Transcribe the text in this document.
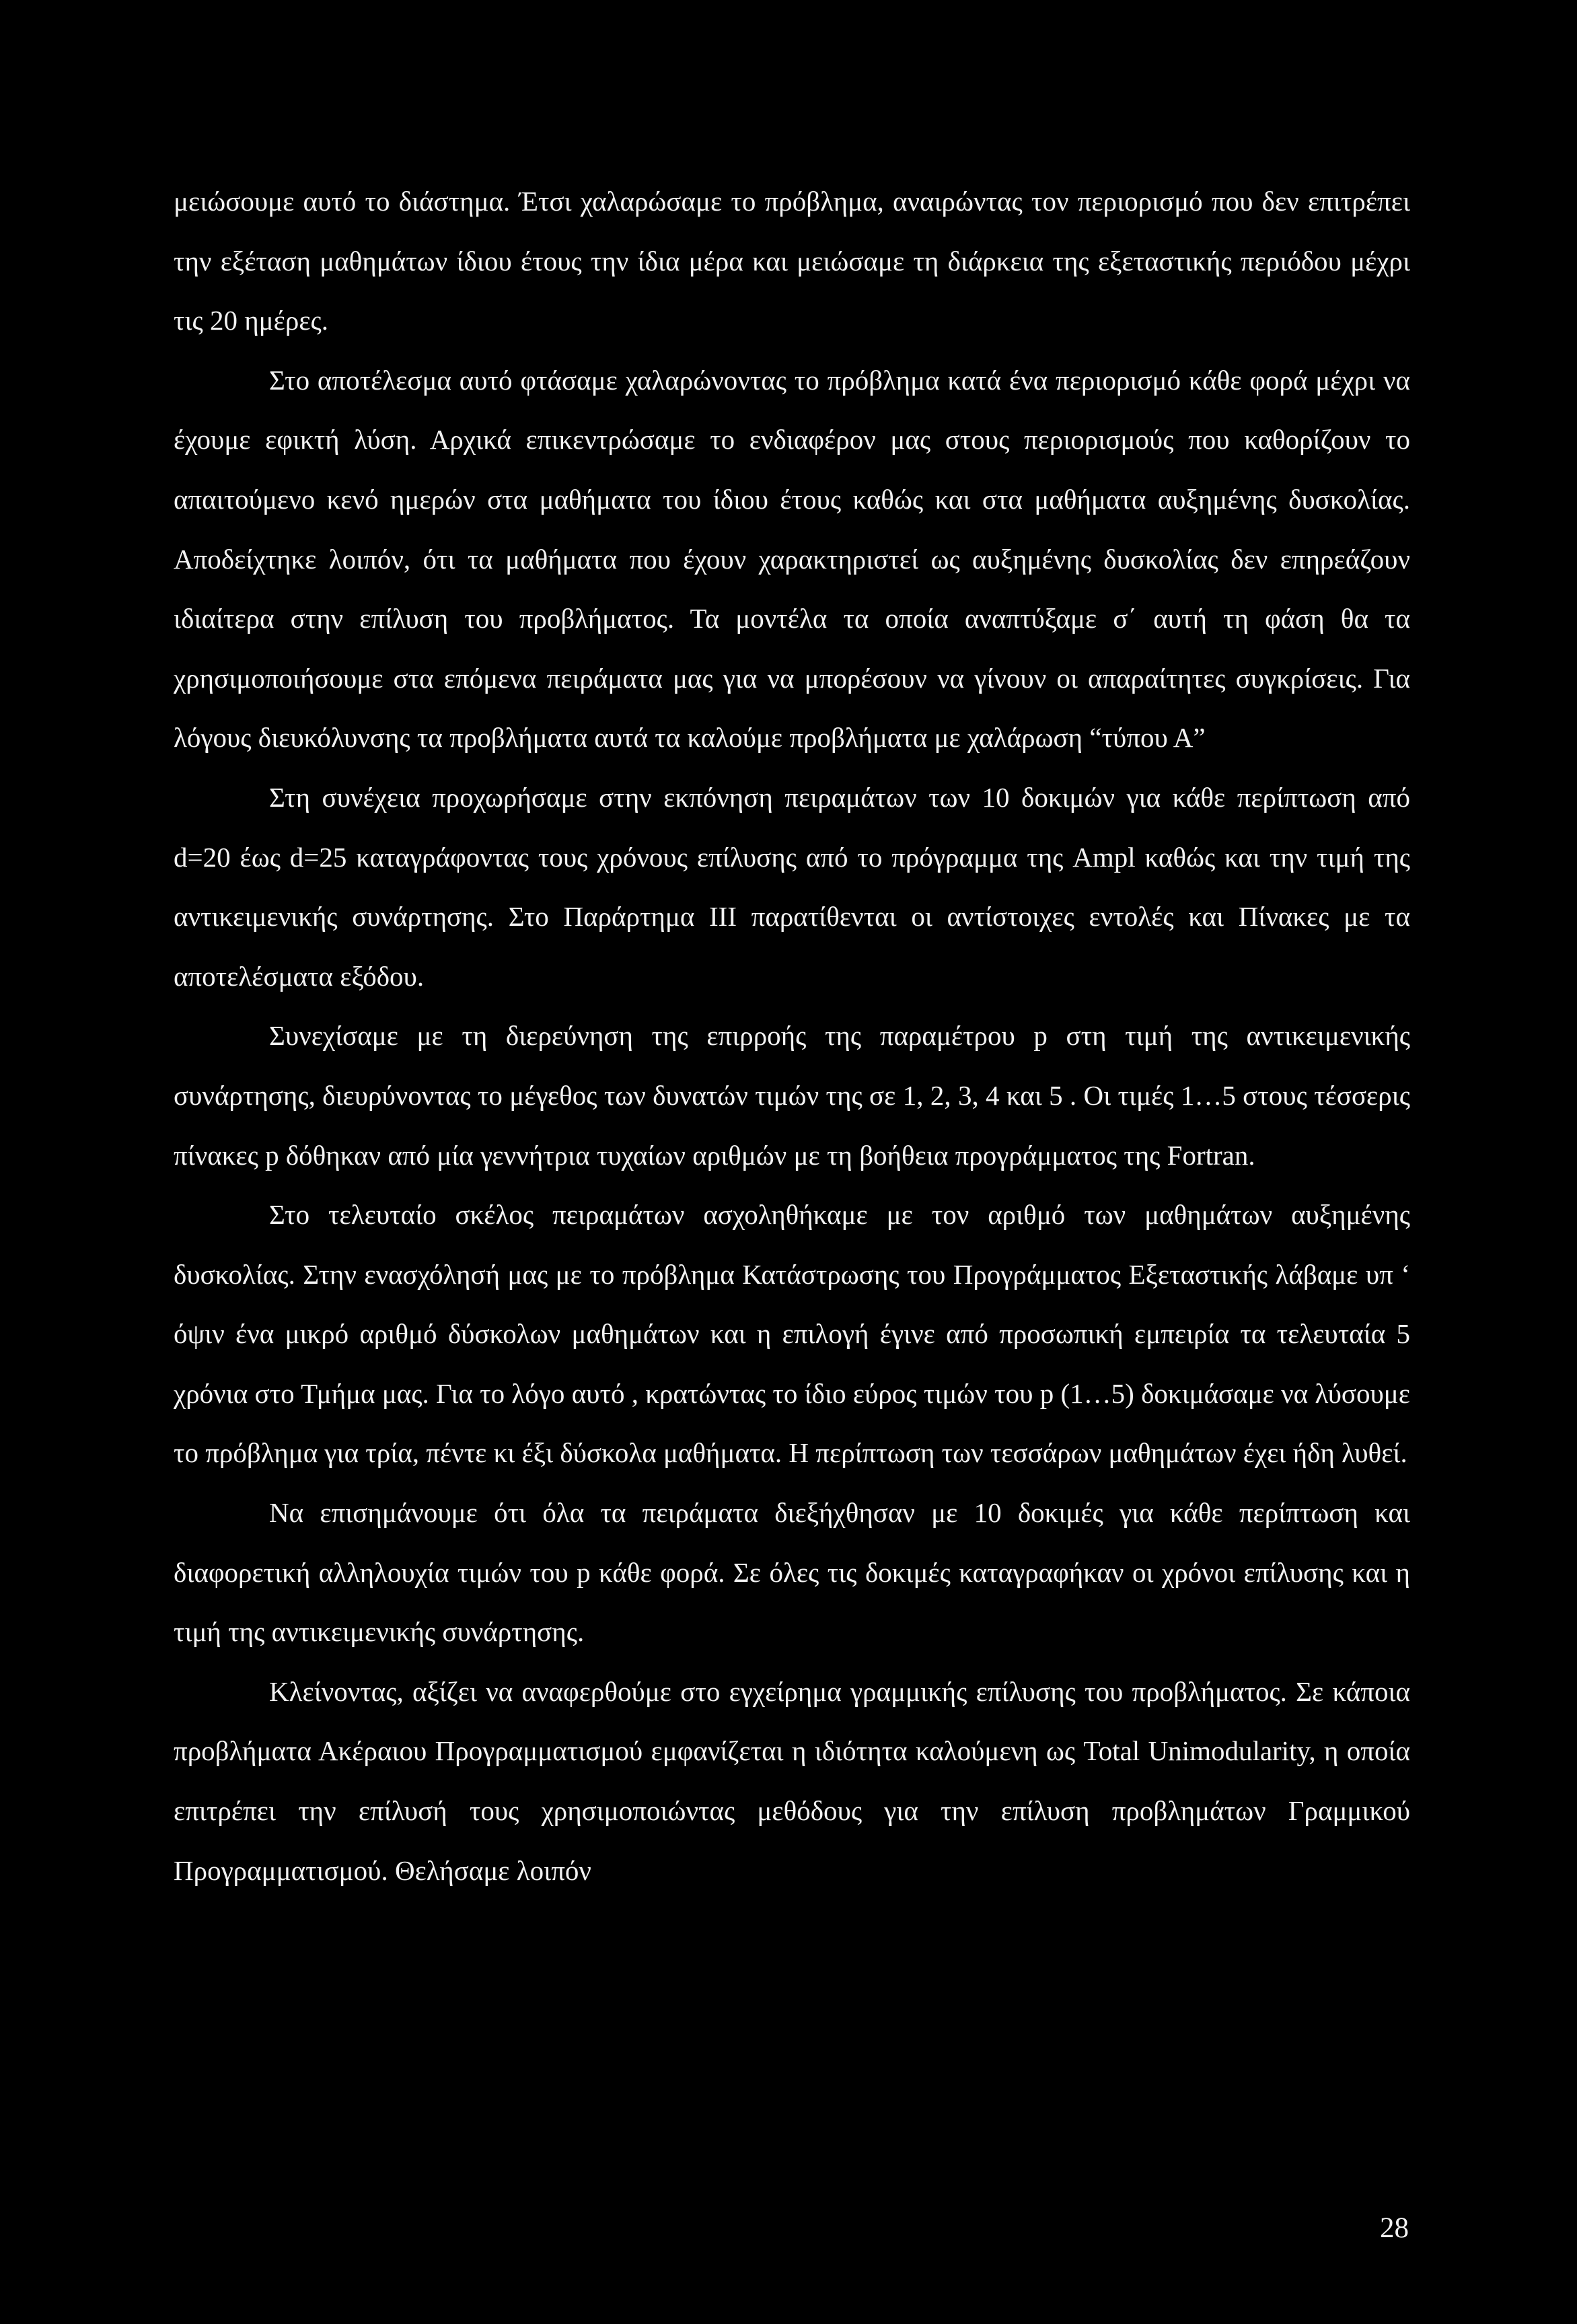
μειώσουμε αυτό το διάστημα. Έτσι χαλαρώσαμε το πρόβλημα, αναιρώντας τον περιορισμό που δεν επιτρέπει την εξέταση μαθημάτων ίδιου έτους την ίδια μέρα και μειώσαμε τη διάρκεια της εξεταστικής περιόδου μέχρι τις 20 ημέρες.

Στο αποτέλεσμα αυτό φτάσαμε χαλαρώνοντας το πρόβλημα κατά ένα περιορισμό κάθε φορά μέχρι να έχουμε εφικτή λύση. Αρχικά επικεντρώσαμε το ενδιαφέρον μας στους περιορισμούς που καθορίζουν το απαιτούμενο κενό ημερών στα μαθήματα του ίδιου έτους καθώς και στα μαθήματα αυξημένης δυσκολίας. Αποδείχτηκε λοιπόν, ότι τα μαθήματα που έχουν χαρακτηριστεί ως αυξημένης δυσκολίας δεν επηρεάζουν ιδιαίτερα στην επίλυση του προβλήματος. Τα μοντέλα τα οποία αναπτύξαμε σ΄ αυτή τη φάση θα τα χρησιμοποιήσουμε στα επόμενα πειράματα μας για να μπορέσουν να γίνουν οι απαραίτητες συγκρίσεις. Για λόγους διευκόλυνσης τα προβλήματα αυτά τα καλούμε προβλήματα με χαλάρωση “τύπου Α”

Στη συνέχεια προχωρήσαμε στην εκπόνηση πειραμάτων των 10 δοκιμών για κάθε περίπτωση από d=20 έως d=25 καταγράφοντας τους χρόνους επίλυσης από το πρόγραμμα της Ampl καθώς και την τιμή της αντικειμενικής συνάρτησης. Στο Παράρτημα ΙΙΙ παρατίθενται οι αντίστοιχες εντολές και Πίνακες με τα αποτελέσματα εξόδου.

Συνεχίσαμε με τη διερεύνηση της επιρροής της παραμέτρου p στη τιμή της αντικειμενικής συνάρτησης, διευρύνοντας το μέγεθος των δυνατών τιμών της σε 1, 2, 3, 4 και 5 . Οι τιμές 1…5 στους τέσσερις πίνακες p δόθηκαν από μία γεννήτρια τυχαίων αριθμών με τη βοήθεια προγράμματος της Fortran.

Στο τελευταίο σκέλος πειραμάτων ασχοληθήκαμε με τον αριθμό των μαθημάτων αυξημένης δυσκολίας. Στην ενασχόλησή μας με το πρόβλημα Κατάστρωσης του Προγράμματος Εξεταστικής λάβαμε υπ ‘ όψιν ένα μικρό αριθμό δύσκολων μαθημάτων και η επιλογή έγινε από προσωπική εμπειρία τα τελευταία 5 χρόνια στο Τμήμα μας. Για το λόγο αυτό , κρατώντας το ίδιο εύρος τιμών του p (1…5) δοκιμάσαμε να λύσουμε το πρόβλημα για τρία, πέντε κι έξι δύσκολα μαθήματα. Η περίπτωση των τεσσάρων μαθημάτων έχει ήδη λυθεί.

Να επισημάνουμε ότι όλα τα πειράματα διεξήχθησαν με 10 δοκιμές για κάθε περίπτωση και διαφορετική αλληλουχία τιμών του p κάθε φορά. Σε όλες τις δοκιμές καταγραφήκαν οι χρόνοι επίλυσης και η τιμή της αντικειμενικής συνάρτησης.

Κλείνοντας, αξίζει να αναφερθούμε στο εγχείρημα γραμμικής επίλυσης του προβλήματος. Σε κάποια προβλήματα Ακέραιου Προγραμματισμού εμφανίζεται η ιδιότητα καλούμενη ως Total Unimodularity, η οποία επιτρέπει την επίλυσή τους χρησιμοποιώντας μεθόδους για την επίλυση προβλημάτων Γραμμικού Προγραμματισμού. Θελήσαμε λοιπόν

28
